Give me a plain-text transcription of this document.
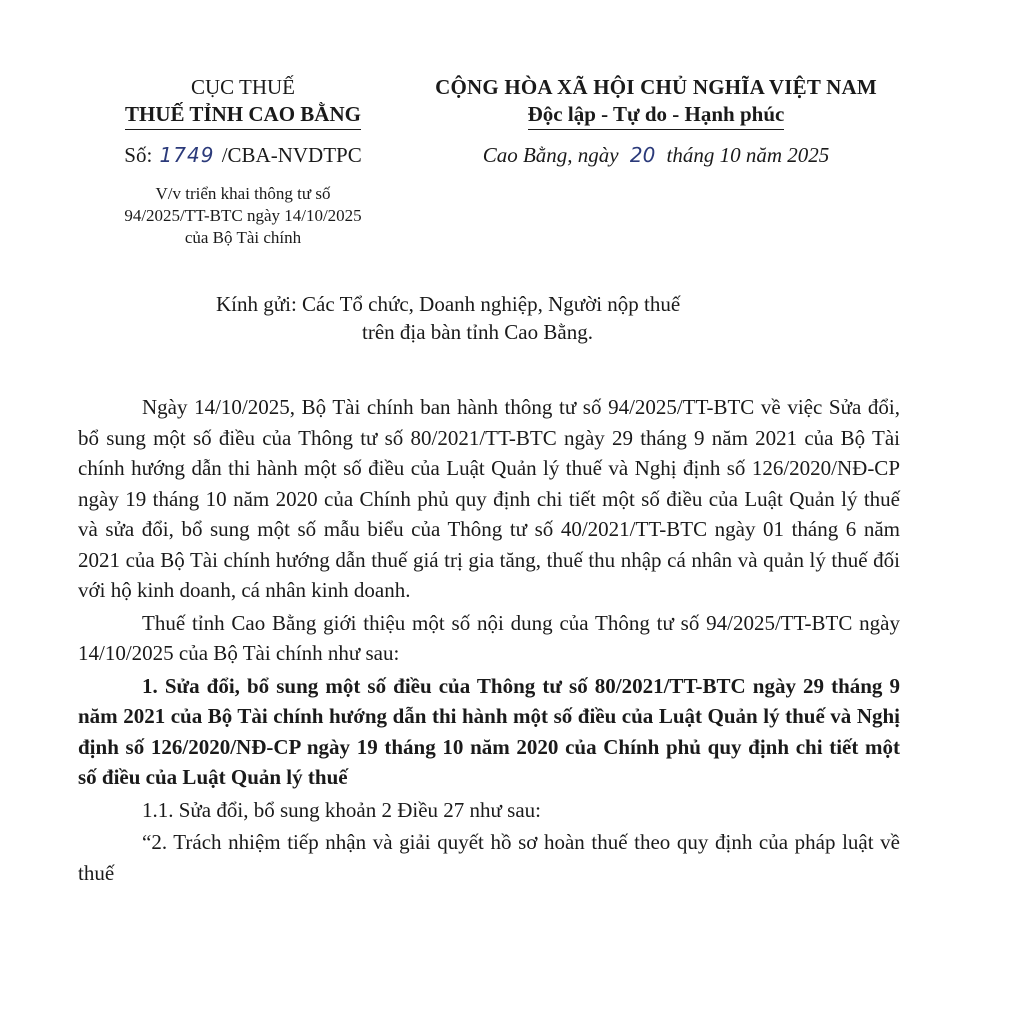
CỤC THUẾ
THUẾ TỈNH CAO BẰNG
Số: 1749 /CBA-NVDTPC
V/v triển khai thông tư số
94/2025/TT-BTC ngày 14/10/2025
của Bộ Tài chính
CỘNG HÒA XÃ HỘI CHỦ NGHĨA VIỆT NAM
Độc lập - Tự do - Hạnh phúc
Cao Bằng, ngày 20 tháng 10 năm 2025
Kính gửi: Các Tổ chức, Doanh nghiệp, Người nộp thuế
trên địa bàn tỉnh Cao Bằng.

Ngày 14/10/2025, Bộ Tài chính ban hành thông tư số 94/2025/TT-BTC về việc Sửa đổi, bổ sung một số điều của Thông tư số 80/2021/TT-BTC ngày 29 tháng 9 năm 2021 của Bộ Tài chính hướng dẫn thi hành một số điều của Luật Quản lý thuế và Nghị định số 126/2020/NĐ-CP ngày 19 tháng 10 năm 2020 của Chính phủ quy định chi tiết một số điều của Luật Quản lý thuế và sửa đổi, bổ sung một số mẫu biểu của Thông tư số 40/2021/TT-BTC ngày 01 tháng 6 năm 2021 của Bộ Tài chính hướng dẫn thuế giá trị gia tăng, thuế thu nhập cá nhân và quản lý thuế đối với hộ kinh doanh, cá nhân kinh doanh.

Thuế tỉnh Cao Bằng giới thiệu một số nội dung của Thông tư số 94/2025/TT-BTC ngày 14/10/2025 của Bộ Tài chính như sau:

1. Sửa đổi, bổ sung một số điều của Thông tư số 80/2021/TT-BTC ngày 29 tháng 9 năm 2021 của Bộ Tài chính hướng dẫn thi hành một số điều của Luật Quản lý thuế và Nghị định số 126/2020/NĐ-CP ngày 19 tháng 10 năm 2020 của Chính phủ quy định chi tiết một số điều của Luật Quản lý thuế

1.1. Sửa đổi, bổ sung khoản 2 Điều 27 như sau:

“2. Trách nhiệm tiếp nhận và giải quyết hồ sơ hoàn thuế theo quy định của pháp luật về thuế
